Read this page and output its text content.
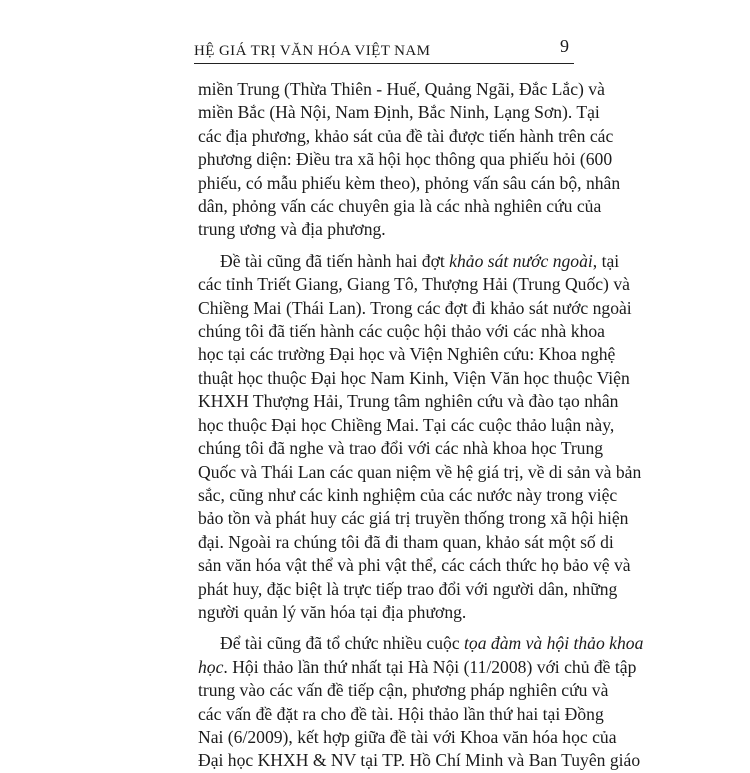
HỆ GIÁ TRỊ VĂN HÓA VIỆT NAM	9
miền Trung (Thừa Thiên - Huế, Quảng Ngãi, Đắc Lắc) và
miền Bắc (Hà Nội, Nam Định, Bắc Ninh, Lạng Sơn). Tại
các địa phương, khảo sát của đề tài được tiến hành trên các
phương diện: Điều tra xã hội học thông qua phiếu hỏi (600
phiếu, có mẫu phiếu kèm theo), phỏng vấn sâu cán bộ, nhân
dân, phỏng vấn các chuyên gia là các nhà nghiên cứu của
trung ương và địa phương.
Đề tài cũng đã tiến hành hai đợt khảo sát nước ngoài, tại
các tỉnh Triết Giang, Giang Tô, Thượng Hải (Trung Quốc) và
Chiềng Mai (Thái Lan). Trong các đợt đi khảo sát nước ngoài
chúng tôi đã tiến hành các cuộc hội thảo với các nhà khoa
học tại các trường Đại học và Viện Nghiên cứu: Khoa nghệ
thuật học thuộc Đại học Nam Kinh, Viện Văn học thuộc Viện
KHXH Thượng Hải, Trung tâm nghiên cứu và đào tạo nhân
học thuộc Đại học Chiềng Mai. Tại các cuộc thảo luận này,
chúng tôi đã nghe và trao đổi với các nhà khoa học Trung
Quốc và Thái Lan các quan niệm về hệ giá trị, về di sản và bản
sắc, cũng như các kinh nghiệm của các nước này trong việc
bảo tồn và phát huy các giá trị truyền thống trong xã hội hiện
đại. Ngoài ra chúng tôi đã đi tham quan, khảo sát một số di
sản văn hóa vật thể và phi vật thể, các cách thức họ bảo vệ và
phát huy, đặc biệt là trực tiếp trao đổi với người dân, những
người quản lý văn hóa tại địa phương.
Để tài cũng đã tổ chức nhiều cuộc tọa đàm và hội thảo khoa
học. Hội thảo lần thứ nhất tại Hà Nội (11/2008) với chủ đề tập
trung vào các vấn đề tiếp cận, phương pháp nghiên cứu và
các vấn đề đặt ra cho đề tài. Hội thảo lần thứ hai tại Đồng
Nai (6/2009), kết hợp giữa đề tài với Khoa văn hóa học của
Đại học KHXH & NV tại TP. Hồ Chí Minh và Ban Tuyên giáo
